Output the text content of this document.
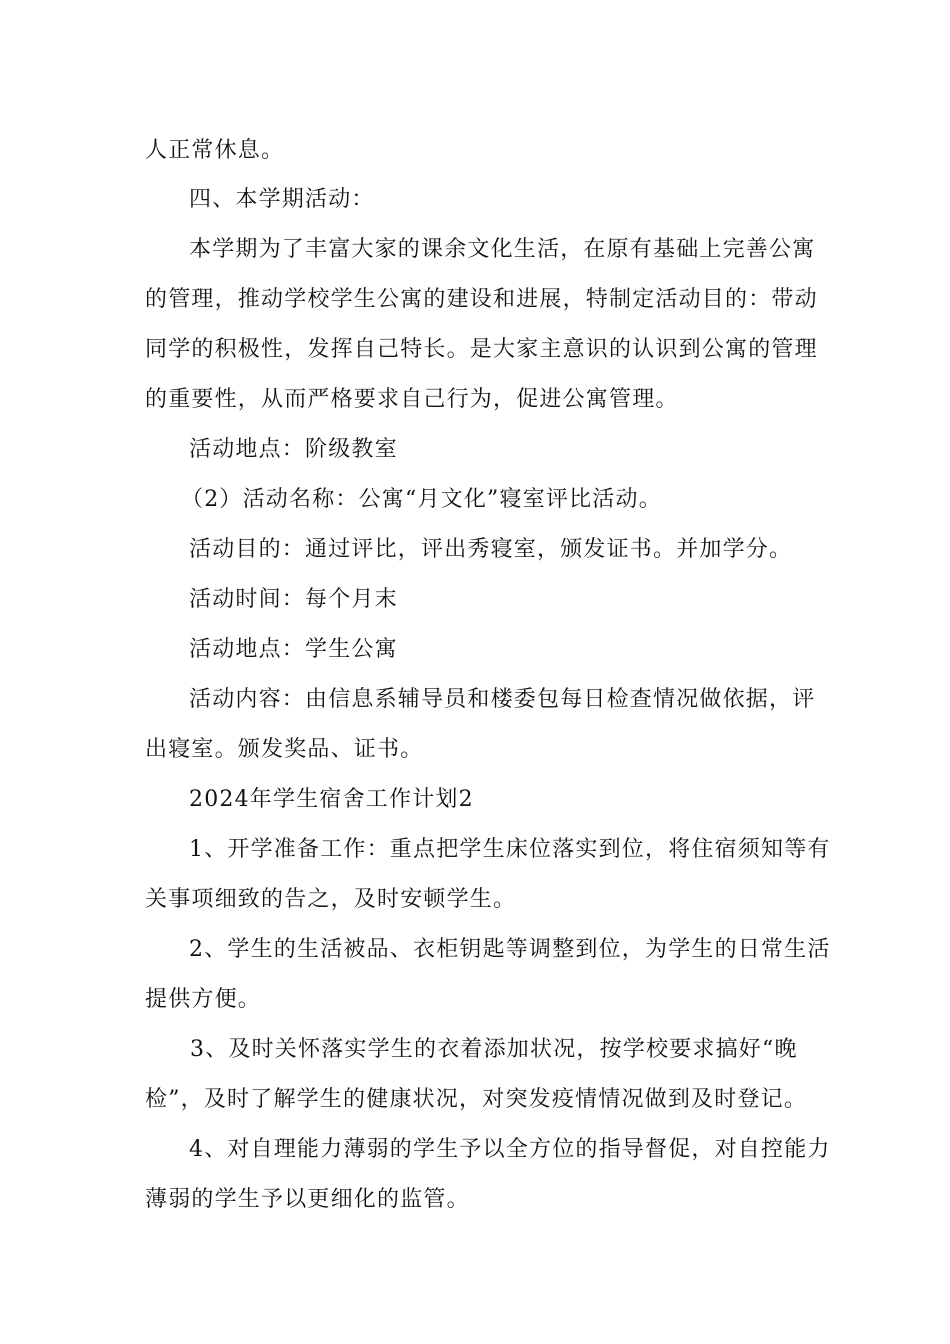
人正常休息。

四、本学期活动：

本学期为了丰富大家的课余文化生活，在原有基础上完善公寓

的管理，推动学校学生公寓的建设和进展，特制定活动目的：带动

同学的积极性，发挥自己特长。是大家主意识的认识到公寓的管理

的重要性，从而严格要求自己行为，促进公寓管理。

活动地点：阶级教室

（2）活动名称：公寓“月文化”寝室评比活动。

活动目的：通过评比，评出秀寝室，颁发证书。并加学分。

活动时间：每个月末

活动地点：学生公寓

活动内容：由信息系辅导员和楼委包每日检查情况做依据，评

出寝室。颁发奖品、证书。

2024年学生宿舍工作计划2

1、开学准备工作：重点把学生床位落实到位，将住宿须知等有

关事项细致的告之，及时安顿学生。

2、学生的生活被品、衣柜钥匙等调整到位，为学生的日常生活

提供方便。

3、及时关怀落实学生的衣着添加状况，按学校要求搞好“晚

检”，及时了解学生的健康状况，对突发疫情情况做到及时登记。

4、对自理能力薄弱的学生予以全方位的指导督促，对自控能力

薄弱的学生予以更细化的监管。
